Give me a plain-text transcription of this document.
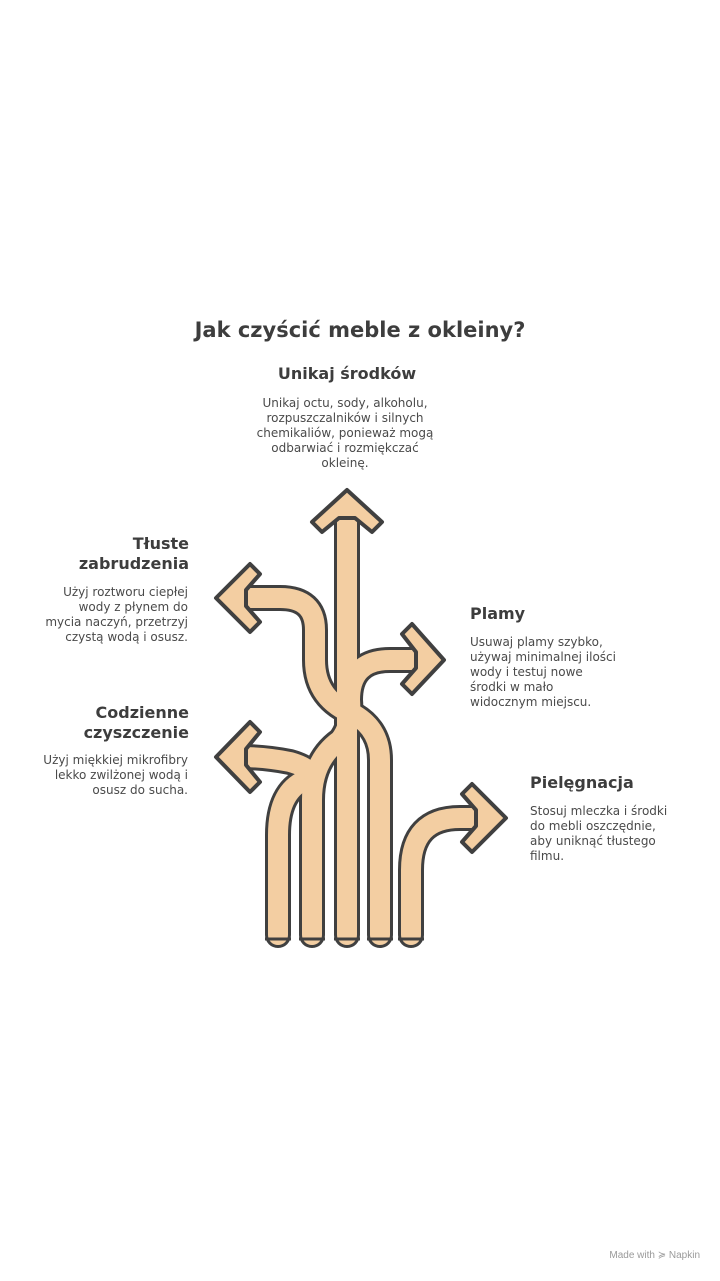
Jak czyścić meble z okleiny?
Unikaj środków
Unikaj octu, sody, alkoholu, rozpuszczalników i silnych chemikaliów, ponieważ mogą odbarwiać i rozmiękczać okleinę.
Tłuste zabrudzenia
Użyj roztworu ciepłej wody z płynem do mycia naczyń, przetrzyj czystą wodą i osusz.
Plamy
Usuwaj plamy szybko, używaj minimalnej ilości wody i testuj nowe środki w mało widocznym miejscu.
Codzienne czyszczenie
Użyj miękkiej mikrofibry lekko zwilżonej wodą i osusz do sucha.	Pielęgnacja
Stosuj mleczka i środki do mebli oszczędnie, aby uniknąć tłustego filmu.
Made with ≽ Napkin
